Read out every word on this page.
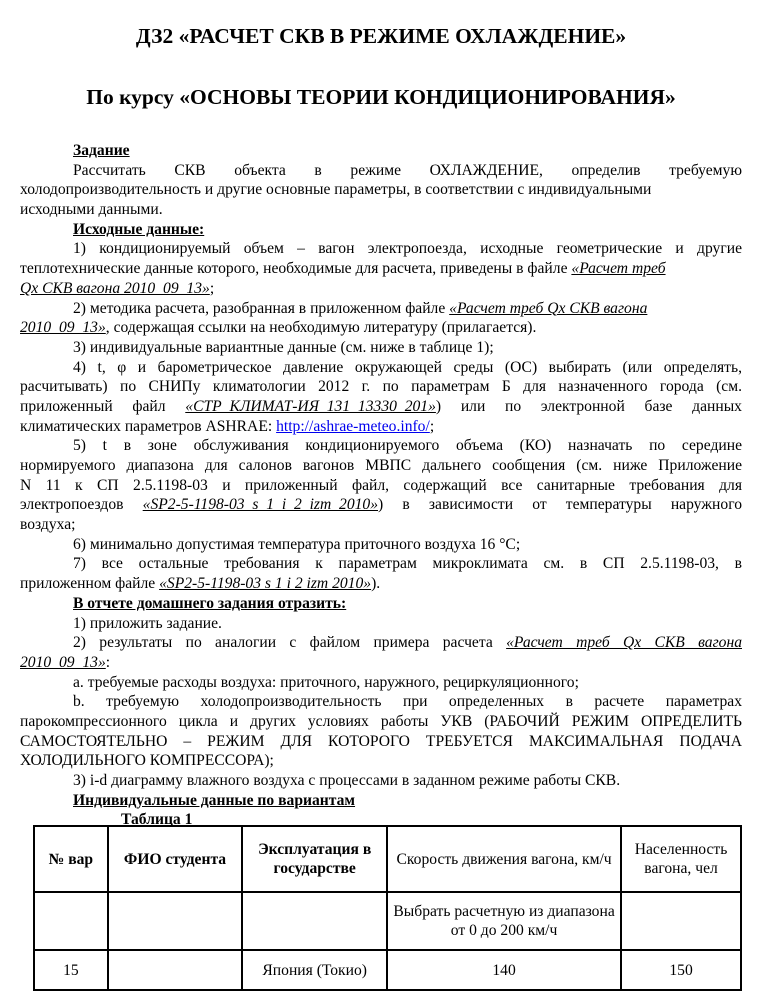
ДЗ2 «РАСЧЕТ СКВ В РЕЖИМЕ ОХЛАЖДЕНИЕ»

По курсу «ОСНОВЫ ТЕОРИИ КОНДИЦИОНИРОВАНИЯ»

Задание
Рассчитать СКВ объекта в режиме ОХЛАЖДЕНИЕ, определив требуемую
холодопроизводительность и другие основные параметры, в соответствии с индивидуальными
исходными данными.
Исходные данные:
1) кондиционируемый объем – вагон электропоезда, исходные геометрические и другие
теплотехнические данные которого, необходимые для расчета, приведены в файле «Расчет треб
Qx СКВ вагона 2010_09_13»;
2) методика расчета, разобранная в приложенном файле «Расчет треб Qx СКВ вагона
2010_09_13», содержащая ссылки на необходимую литературу (прилагается).
3) индивидуальные вариантные данные (см. ниже в таблице 1);
4) t, φ и барометрическое давление окружающей среды (ОС) выбирать (или определять,
расчитывать) по СНИПу климатологии 2012 г. по параметрам Б для назначенного города (см.
приложенный файл «СТР_КЛИМАТ-ИЯ_131_13330_201») или по электронной базе данных
климатических параметров ASHRAE: http://ashrae-meteo.info/;
5) t в зоне обслуживания кондиционируемого объема (КО) назначать по середине
нормируемого диапазона для салонов вагонов МВПС дальнего сообщения (см. ниже Приложение
N 11 к СП 2.5.1198-03 и приложенный файл, содержащий все санитарные требования для
электропоездов «SP2-5-1198-03_s_1_i_2_izm_2010») в зависимости от температуры наружного
воздуха;
6) минимально допустимая температура приточного воздуха 16 °С;
7) все остальные требования к параметрам микроклимата см. в СП 2.5.1198-03, в
приложенном файле «SP2-5-1198-03 s 1 i 2 izm 2010»).
В отчете домашнего задания отразить:
1) приложить задание.
2) результаты по аналогии с файлом примера расчета «Расчет треб Qx СКВ вагона
2010_09_13»:
a. требуемые расходы воздуха: приточного, наружного, рециркуляционного;
b. требуемую холодопроизводительность при определенных в расчете параметрах
парокомпрессионного цикла и других условиях работы УКВ (РАБОЧИЙ РЕЖИМ ОПРЕДЕЛИТЬ
САМОСТОЯТЕЛЬНО – РЕЖИМ ДЛЯ КОТОРОГО ТРЕБУЕТСЯ МАКСИМАЛЬНАЯ ПОДАЧА
ХОЛОДИЛЬНОГО КОМПРЕССОРА);
3) i-d диаграмму влажного воздуха с процессами в заданном режиме работы СКВ.
Индивидуальные данные по вариантам
Таблица 1
№ вар	ФИО студента	Эксплуатация в государстве	Скорость движения вагона, км/ч	Населенность вагона, чел
			Выбрать расчетную из диапазона от 0 до 200 км/ч	
15		Япония (Токио)	140	150
